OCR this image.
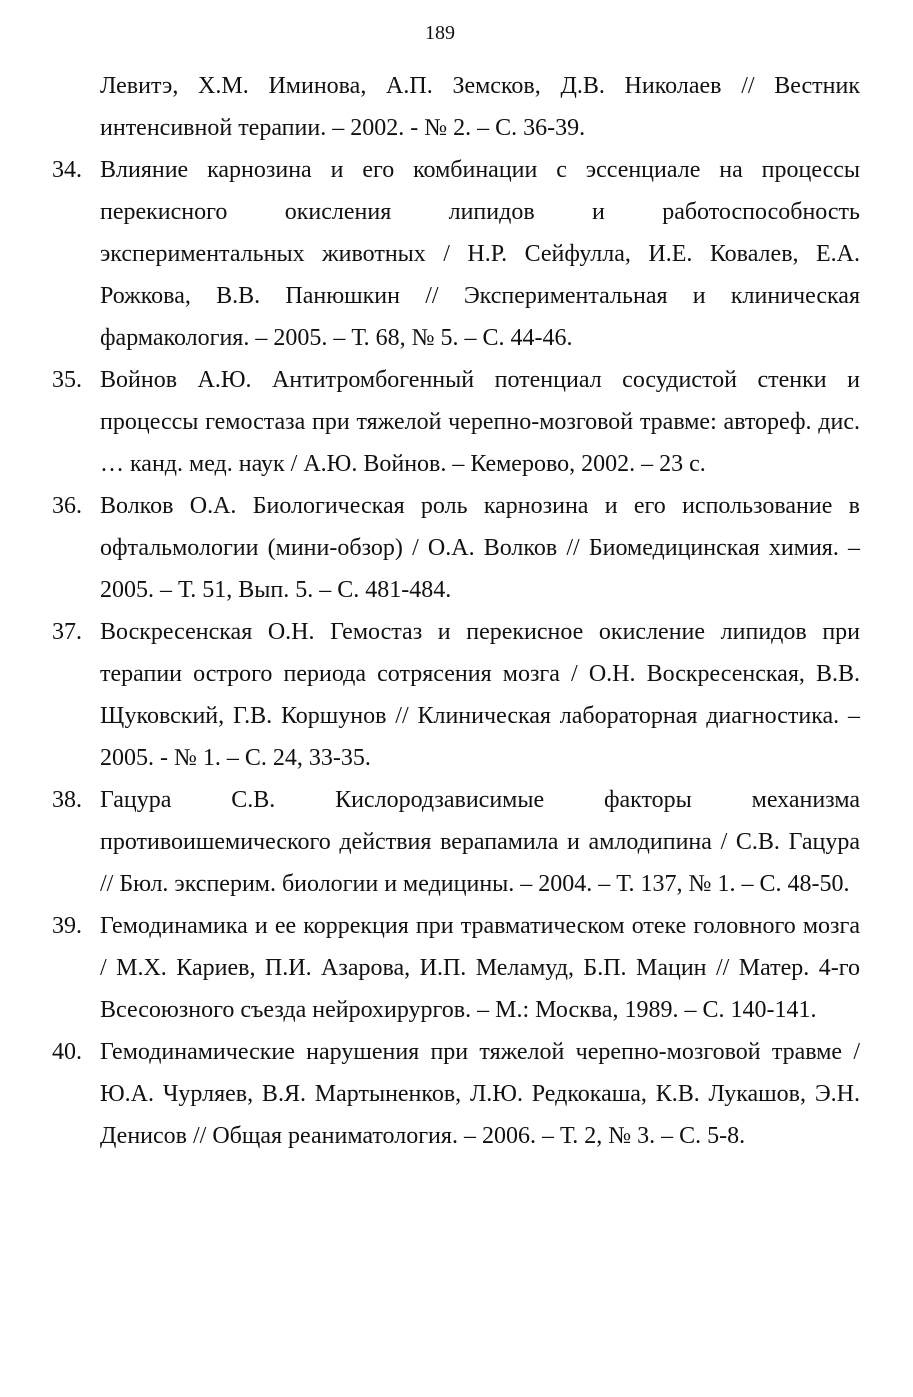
189
Левитэ, Х.М. Иминова, А.П. Земсков, Д.В. Николаев // Вестник интенсивной терапии. – 2002. - № 2. – С. 36-39.
34. Влияние карнозина и его комбинации с эссенциале на процессы перекисного окисления липидов и работоспособность экспериментальных животных / Н.Р. Сейфулла, И.Е. Ковалев, Е.А. Рожкова, В.В. Панюшкин // Экспериментальная и клиническая фармакология. – 2005. – Т. 68, № 5. – С. 44-46.
35. Войнов А.Ю. Антитромбогенный потенциал сосудистой стенки и процессы гемостаза при тяжелой черепно-мозговой травме: автореф. дис. … канд. мед. наук / А.Ю. Войнов. – Кемерово, 2002. – 23 с.
36. Волков О.А. Биологическая роль карнозина и его использование в офтальмологии (мини-обзор) / О.А. Волков // Биомедицинская химия. – 2005. – Т. 51, Вып. 5. – С. 481-484.
37. Воскресенская О.Н. Гемостаз и перекисное окисление липидов при терапии острого периода сотрясения мозга / О.Н. Воскресенская, В.В. Щуковский, Г.В. Коршунов // Клиническая лабораторная диагностика. – 2005. - № 1. – С. 24, 33-35.
38. Гацура С.В. Кислородзависимые факторы механизма противоишемического действия верапамила и амлодипина / С.В. Гацура // Бюл. эксперим. биологии и медицины. – 2004. – Т. 137, № 1. – С. 48-50.
39. Гемодинамика и ее коррекция при травматическом отеке головного мозга / М.Х. Кариев, П.И. Азарова, И.П. Меламуд, Б.П. Мацин // Матер. 4-го Всесоюзного съезда нейрохирургов. – М.: Москва, 1989. – С. 140-141.
40. Гемодинамические нарушения при тяжелой черепно-мозговой травме / Ю.А. Чурляев, В.Я. Мартыненков, Л.Ю. Редкокаша, К.В. Лукашов, Э.Н. Денисов // Общая реаниматология. – 2006. – Т. 2, № 3. – С. 5-8.
